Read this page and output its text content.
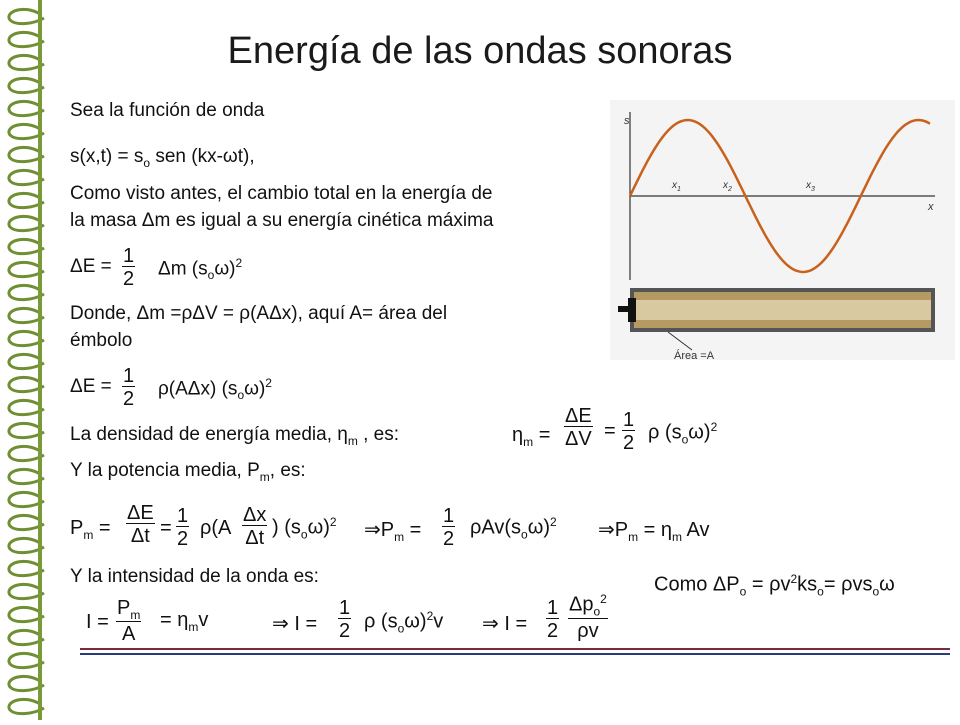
Energía de las ondas sonoras
Sea la función de onda
$s(x,t) = s_o$ sen (kx-ωt),
Como visto antes, el cambio total en la energía de
la masa Δm es igual a su energía cinética máxima
$\Delta E = \frac{1}{2}$ Δm $(s_o\omega)^2$
Donde, Δm =ρΔV = ρ(AΔx), aquí A= área del
émbolo
$\Delta E = \frac{1}{2} \rho(A\Delta x)$ $(s_o\omega)^2$
La densidad de energía media, $\eta_m$ , es:	$\eta_m = \frac{\Delta E}{\Delta V} = \frac{1}{2}$ ρ $(s_o\omega)^2$
Y la potencia media, $P_m$, es:
$P_m = \frac{\Delta E}{\Delta t} = \frac{1}{2} \rho(A \frac{\Delta x}{\Delta t}$ ) $(s_o\omega)^2$ $\Rightarrow P_m = \frac{1}{2} \rho Av(s_o\omega)^2$ $\Rightarrow P_m = \eta_m$ Av
Y la intensidad de la onda es:	Como $\Delta P_o = \rho v^2ks_o= \rho vs_o\omega$
$I = \frac{P_m}{A} = \eta_mv$	⇒ $I = \frac{1}{2}$ ρ $(s_o\omega)^2v$ ⇒ $I = \frac{1}{2} \Delta p_o^2$
ρv
s
x
$x_1$	$x_2$	$x_3$
Área =A
